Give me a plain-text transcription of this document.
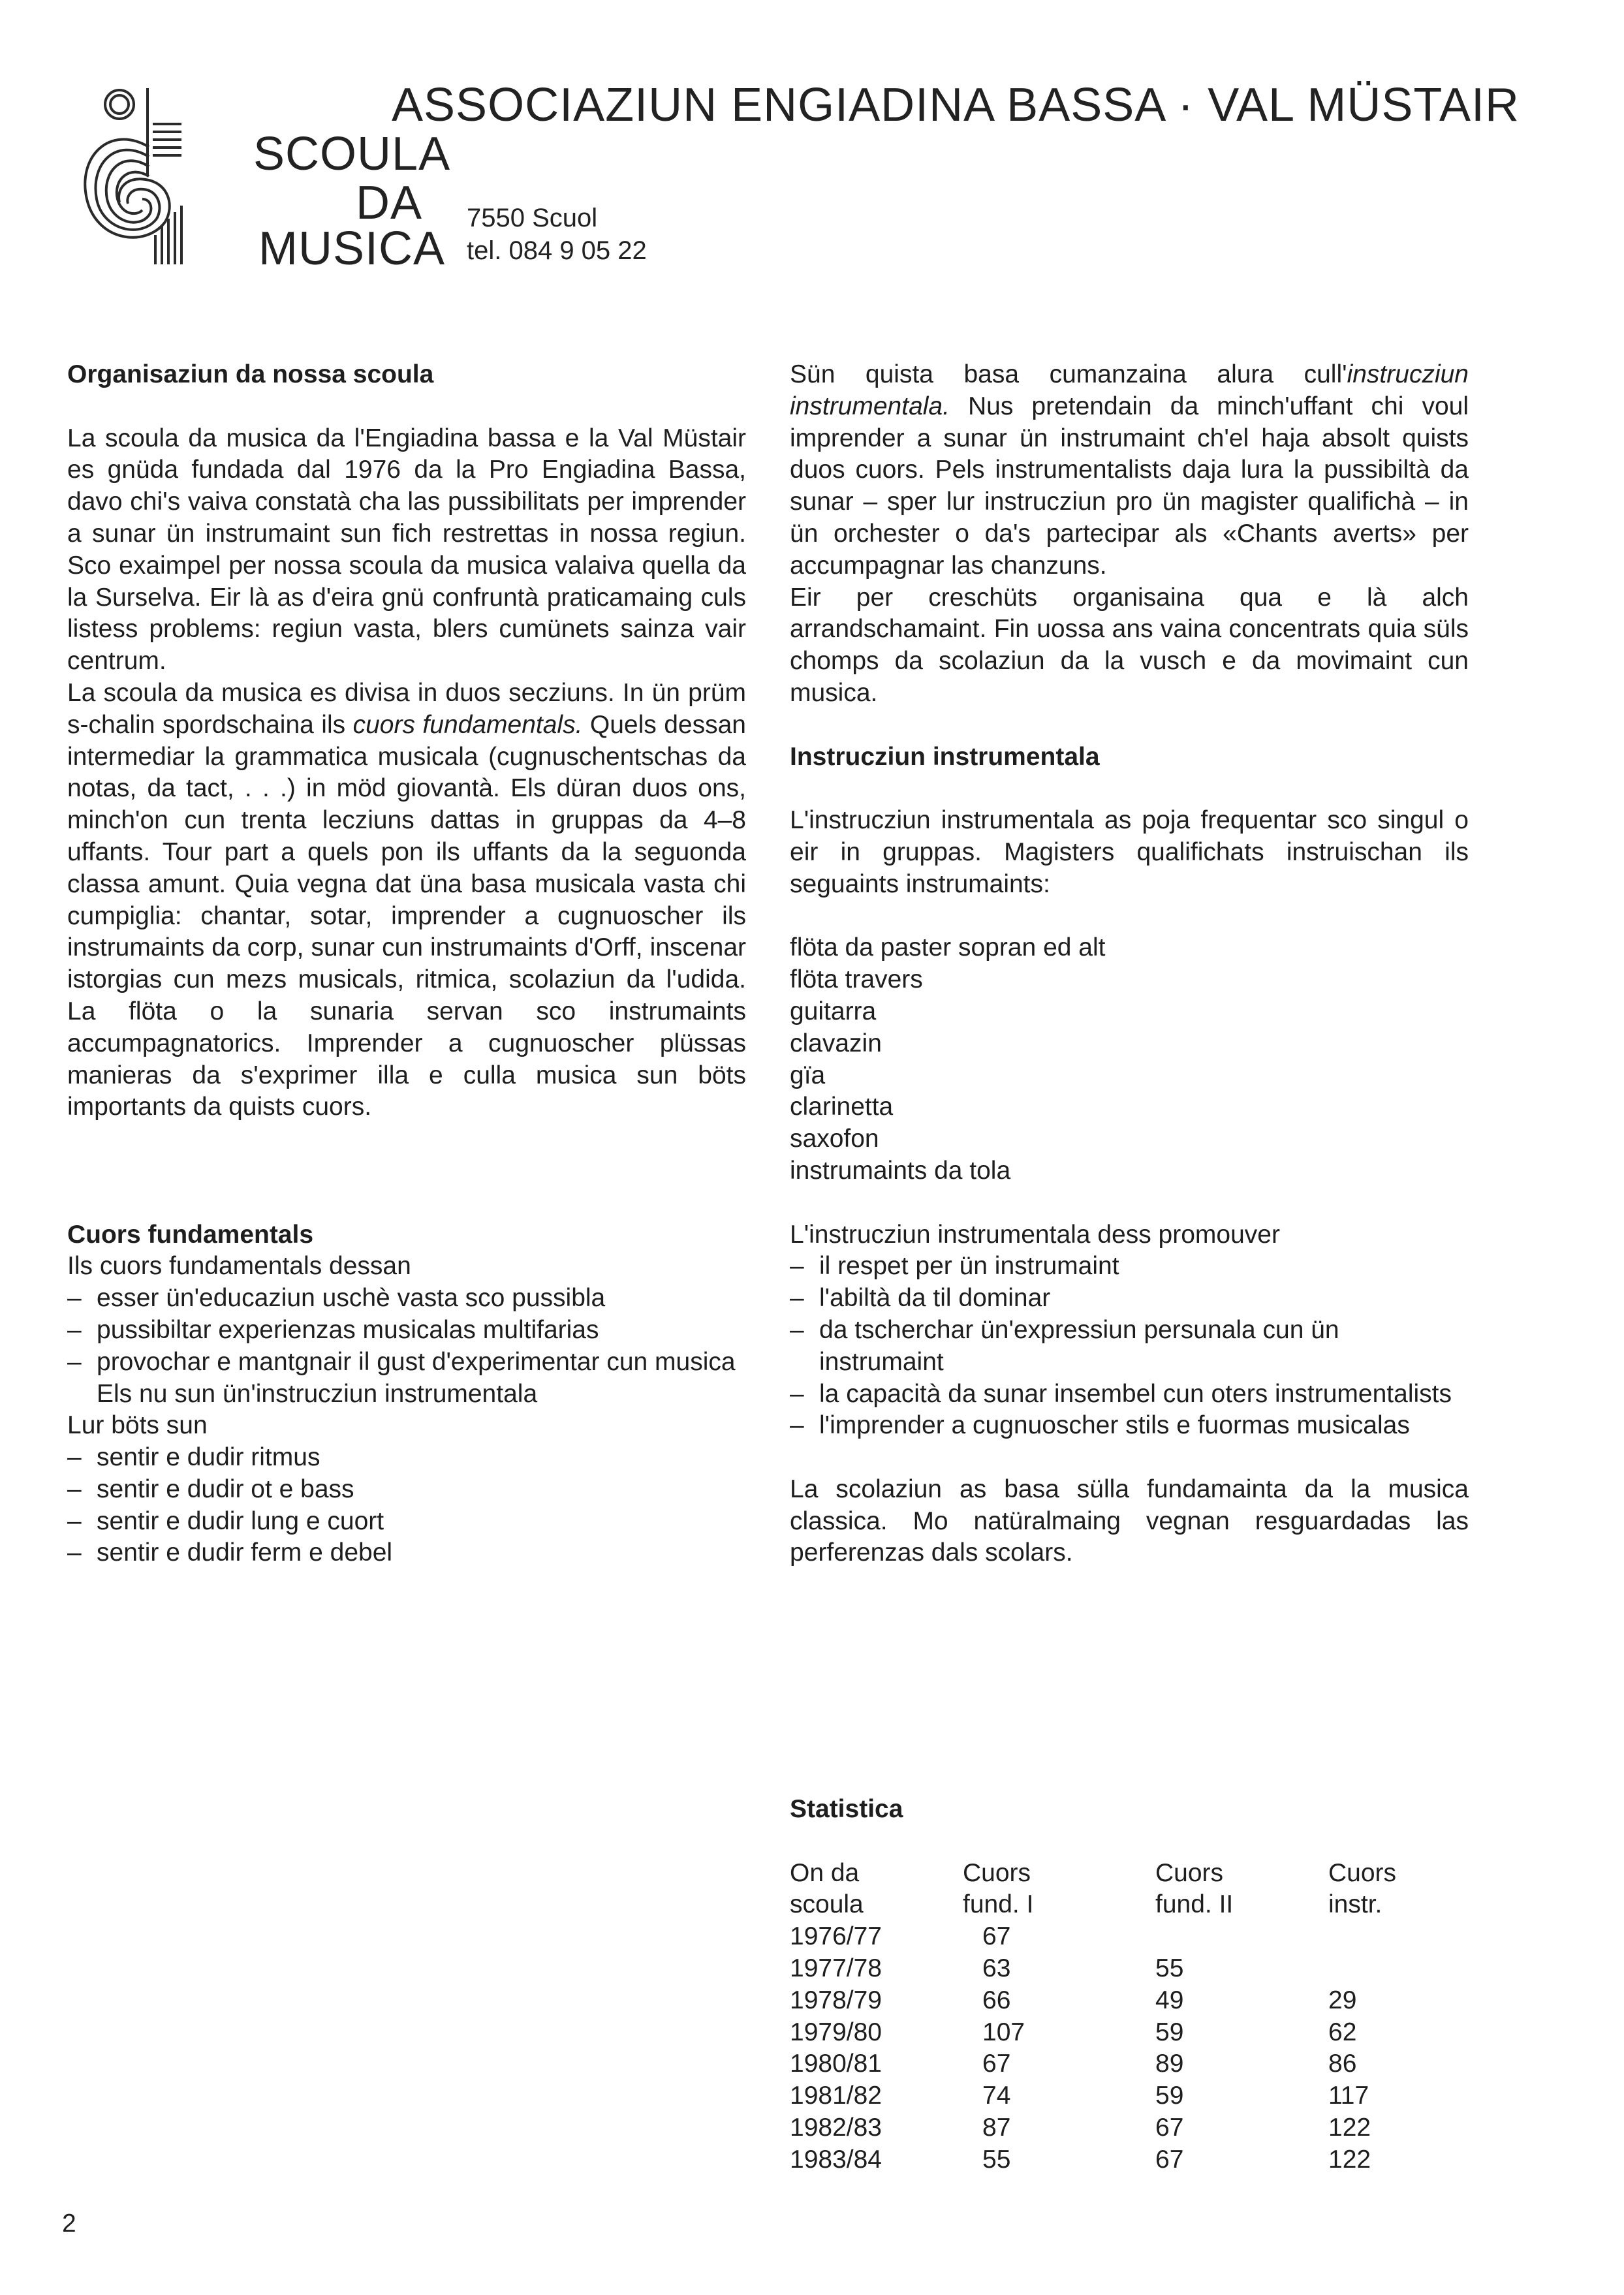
ASSOCIAZIUN ENGIADINA BASSA · VAL MÜSTAIR
SCOULA
DA
MUSICA
7550 Scuol
tel. 084 9 05 22
Organisaziun da nossa scoula

La scoula da musica da l'Engiadina bassa e la Val Müstair es gnüda fundada dal 1976 da la Pro Engiadina Bassa, davo chi's vaiva constatà cha las pussibilitats per imprender a sunar ün instrumaint sun fich restrettas in nossa regiun. Sco exaimpel per nossa scoula da musica valaiva quella da la Surselva. Eir là as d'eira gnü confruntà praticamaing culs listess problems: regiun vasta, blers cumünets sainza vair centrum.

La scoula da musica es divisa in duos secziuns. In ün prüm s-chalin spordschaina ils cuors fundamentals. Quels dessan intermediar la grammatica musicala (cugnuschentschas da notas, da tact, . . .) in möd giovantà. Els düran duos ons, minch'on cun trenta lecziuns dattas in gruppas da 4–8 uffants. Tour part a quels pon ils uffants da la seguonda classa amunt. Quia vegna dat üna basa musicala vasta chi cumpiglia: chantar, sotar, imprender a cugnuoscher ils instrumaints da corp, sunar cun instrumaints d'Orff, inscenar istorgias cun mezs musicals, ritmica, scolaziun da l'udida. La flöta o la sunaria servan sco instrumaints accumpagnatorics. Imprender a cugnuoscher plüssas manieras da s'exprimer illa e culla musica sun böts importants da quists cuors.

Cuors fundamentals
Ils cuors fundamentals dessan
– esser ün'educaziun uschè vasta sco pussibla
– pussibiltar experienzas musicalas multifarias
– provochar e mantgnair il gust d'experimentar cun musica
Els nu sun ün'instrucziun instrumentala
Lur böts sun
– sentir e dudir ritmus
– sentir e dudir ot e bass
– sentir e dudir lung e cuort
– sentir e dudir ferm e debel

Sün quista basa cumanzaina alura cull'instrucziun instrumentala. Nus pretendain da minch'uffant chi voul imprender a sunar ün instrumaint ch'el haja absolt quists duos cuors. Pels instrumentalists daja lura la pussibiltà da sunar – sper lur instrucziun pro ün magister qualifichà – in ün orchester o da's partecipar als «Chants averts» per accumpagnar las chanzuns.

Eir per creschüts organisaina qua e là alch arrandschamaint. Fin uossa ans vaina concentrats quia süls chomps da scolaziun da la vusch e da movimaint cun musica.

Instrucziun instrumentala

L'instrucziun instrumentala as poja frequentar sco singul o eir in gruppas. Magisters qualifichats instruischan ils seguaints instrumaints:

flöta da paster sopran ed alt
flöta travers
guitarra
clavazin
gïa
clarinetta
saxofon
instrumaints da tola
L'instrucziun instrumentala dess promouver
– il respet per ün instrumaint
– l'abiltà da til dominar
– da tscherchar ün'expressiun persunala cun ün instrumaint
– la capacità da sunar insembel cun oters instrumentalists
– l'imprender a cugnuoscher stils e fuormas musicalas

La scolaziun as basa sülla fundamainta da la musica classica. Mo natüralmaing vegnan resguardadas las perferenzas dals scolars.

Statistica
On da	Cuors	Cuors	Cuors
scoula	fund. I	fund. II	instr.
1976/77	67		
1977/78	63	55	
1978/79	66	49	29
1979/80	107	59	62
1980/81	67	89	86
1981/82	74	59	117
1982/83	87	67	122
1983/84	55	67	122
2
